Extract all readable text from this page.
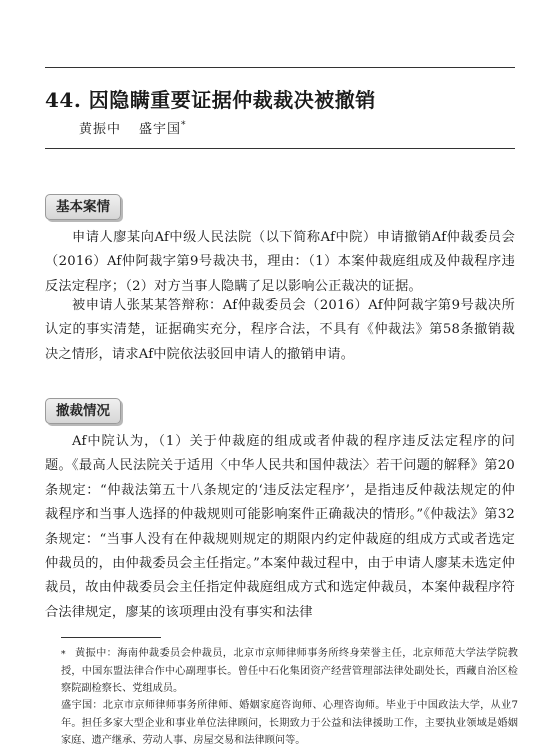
44. 因隐瞒重要证据仲裁裁决被撤销
黄振中 盛宇国*
基本案情

申请人廖某向Af中级人民法院（以下简称Af中院）申请撤销Af仲裁委员会（2016）Af仲阿裁字第9号裁决书，理由：（1）本案仲裁庭组成及仲裁程序违反法定程序；（2）对方当事人隐瞒了足以影响公正裁决的证据。

被申请人张某某答辩称：Af仲裁委员会（2016）Af仲阿裁字第9号裁决所认定的事实清楚，证据确实充分，程序合法，不具有《仲裁法》第58条撤销裁决之情形，请求Af中院依法驳回申请人的撤销申请。

撤裁情况

Af中院认为，（1）关于仲裁庭的组成或者仲裁的程序违反法定程序的问题。《最高人民法院关于适用〈中华人民共和国仲裁法〉若干问题的解释》第20条规定：“仲裁法第五十八条规定的‘违反法定程序’，是指违反仲裁法规定的仲裁程序和当事人选择的仲裁规则可能影响案件正确裁决的情形。”《仲裁法》第32条规定：“当事人没有在仲裁规则规定的期限内约定仲裁庭的组成方式或者选定仲裁员的，由仲裁委员会主任指定。”本案仲裁过程中，由于申请人廖某未选定仲裁员，故由仲裁委员会主任指定仲裁庭组成方式和选定仲裁员，本案仲裁程序符合法律规定，廖某的该项理由没有事实和法律

* 黄振中：海南仲裁委员会仲裁员，北京市京师律师事务所终身荣誉主任，北京师范大学法学院教授，中国东盟法律合作中心副理事长。曾任中石化集团资产经营管理部法律处副处长，西藏自治区检察院副检察长、党组成员。

盛宇国：北京市京师律师事务所律师、婚姻家庭咨询师、心理咨询师。毕业于中国政法大学，从业7年。担任多家大型企业和事业单位法律顾问，长期致力于公益和法律援助工作，主要执业领域是婚姻家庭、遗产继承、劳动人事、房屋交易和法律顾问等。
